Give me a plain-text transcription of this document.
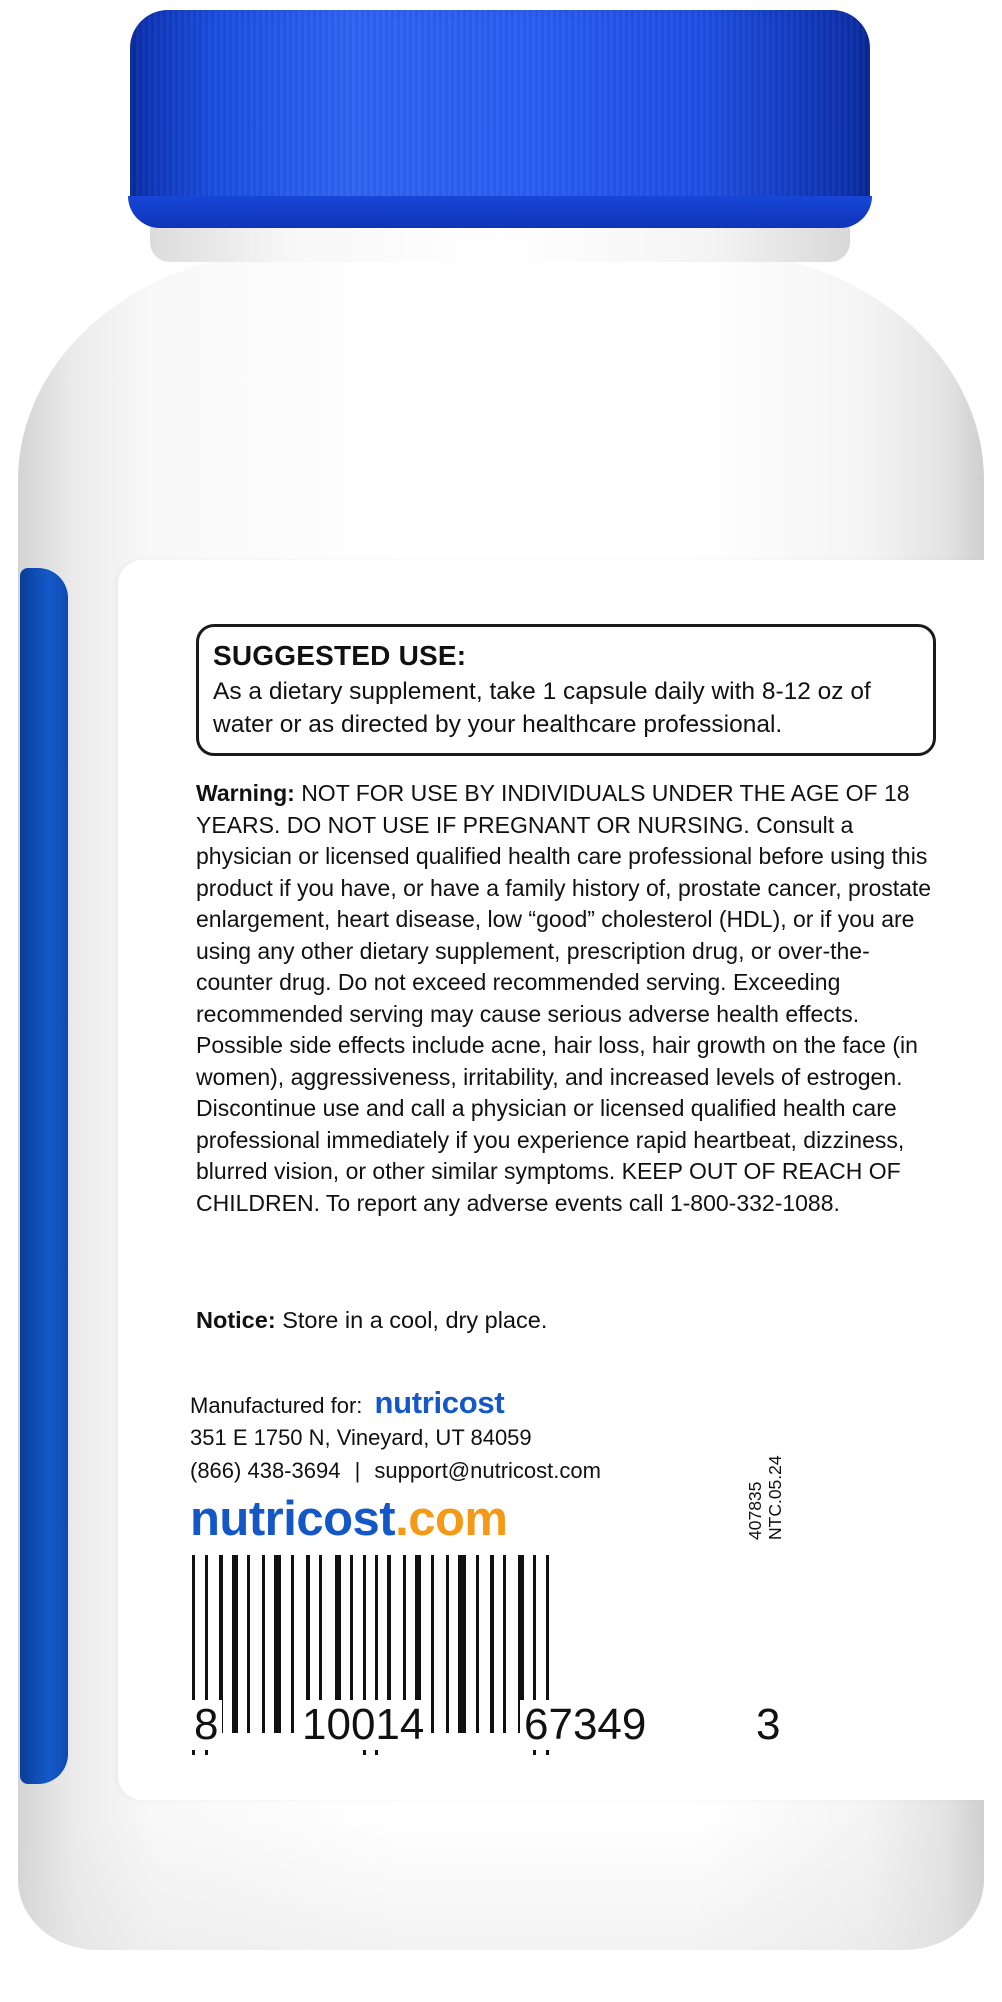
SUGGESTED USE:
As a dietary supplement, take 1 capsule daily with 8-12 oz of water or as directed by your healthcare professional.
Warning: NOT FOR USE BY INDIVIDUALS UNDER THE AGE OF 18 YEARS. DO NOT USE IF PREGNANT OR NURSING. Consult a physician or licensed qualified health care professional before using this product if you have, or have a family history of, prostate cancer, prostate enlargement, heart disease, low “good” cholesterol (HDL), or if you are using any other dietary supplement, prescription drug, or over-the-counter drug. Do not exceed recommended serving. Exceeding recommended serving may cause serious adverse health effects. Possible side effects include acne, hair loss, hair growth on the face (in women), aggressiveness, irritability, and increased levels of estrogen. Discontinue use and call a physician or licensed qualified health care professional immediately if you experience rapid heartbeat, dizziness, blurred vision, or other similar symptoms. KEEP OUT OF REACH OF CHILDREN. To report any adverse events call 1-800-332-1088.
Notice: Store in a cool, dry place.
Manufactured for: nutricost
351 E 1750 N, Vineyard, UT 84059
(866) 438-3694 | support@nutricost.com
nutricost.com	407835 NTC.05.24
8 10014 67349 3
